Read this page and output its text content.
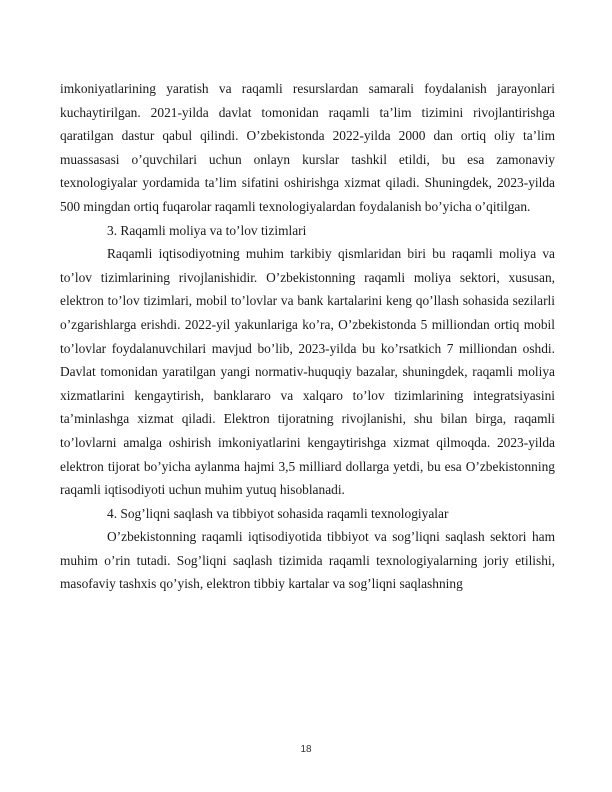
imkoniyatlarining yaratish va raqamli resurslardan samarali foydalanish jarayonlari kuchaytirilgan. 2021-yilda davlat tomonidan raqamli ta’lim tizimini rivojlantirishga qaratilgan dastur qabul qilindi. O’zbekistonda 2022-yilda 2000 dan ortiq oliy ta’lim muassasasi o’quvchilari uchun onlayn kurslar tashkil etildi, bu esa zamonaviy texnologiyalar yordamida ta’lim sifatini oshirishga xizmat qiladi. Shuningdek, 2023-yilda 500 mingdan ortiq fuqarolar raqamli texnologiyalardan foydalanish bo’yicha o’qitilgan.

3. Raqamli moliya va to’lov tizimlari

Raqamli iqtisodiyotning muhim tarkibiy qismlaridan biri bu raqamli moliya va to’lov tizimlarining rivojlanishidir. O’zbekistonning raqamli moliya sektori, xususan, elektron to’lov tizimlari, mobil to’lovlar va bank kartalarini keng qo’llash sohasida sezilarli o’zgarishlarga erishdi. 2022-yil yakunlariga ko’ra, O’zbekistonda 5 milliondan ortiq mobil to’lovlar foydalanuvchilari mavjud bo’lib, 2023-yilda bu ko’rsatkich 7 milliondan oshdi. Davlat tomonidan yaratilgan yangi normativ-huquqiy bazalar, shuningdek, raqamli moliya xizmatlarini kengaytirish, banklararo va xalqaro to’lov tizimlarining integratsiyasini ta’minlashga xizmat qiladi. Elektron tijoratning rivojlanishi, shu bilan birga, raqamli to’lovlarni amalga oshirish imkoniyatlarini kengaytirishga xizmat qilmoqda. 2023-yilda elektron tijorat bo’yicha aylanma hajmi 3,5 milliard dollarga yetdi, bu esa O’zbekistonning raqamli iqtisodiyoti uchun muhim yutuq hisoblanadi.

4. Sog’liqni saqlash va tibbiyot sohasida raqamli texnologiyalar

O’zbekistonning raqamli iqtisodiyotida tibbiyot va sog’liqni saqlash sektori ham muhim o’rin tutadi. Sog’liqni saqlash tizimida raqamli texnologiyalarning joriy etilishi, masofaviy tashxis qo’yish, elektron tibbiy kartalar va sog’liqni saqlashning

18
